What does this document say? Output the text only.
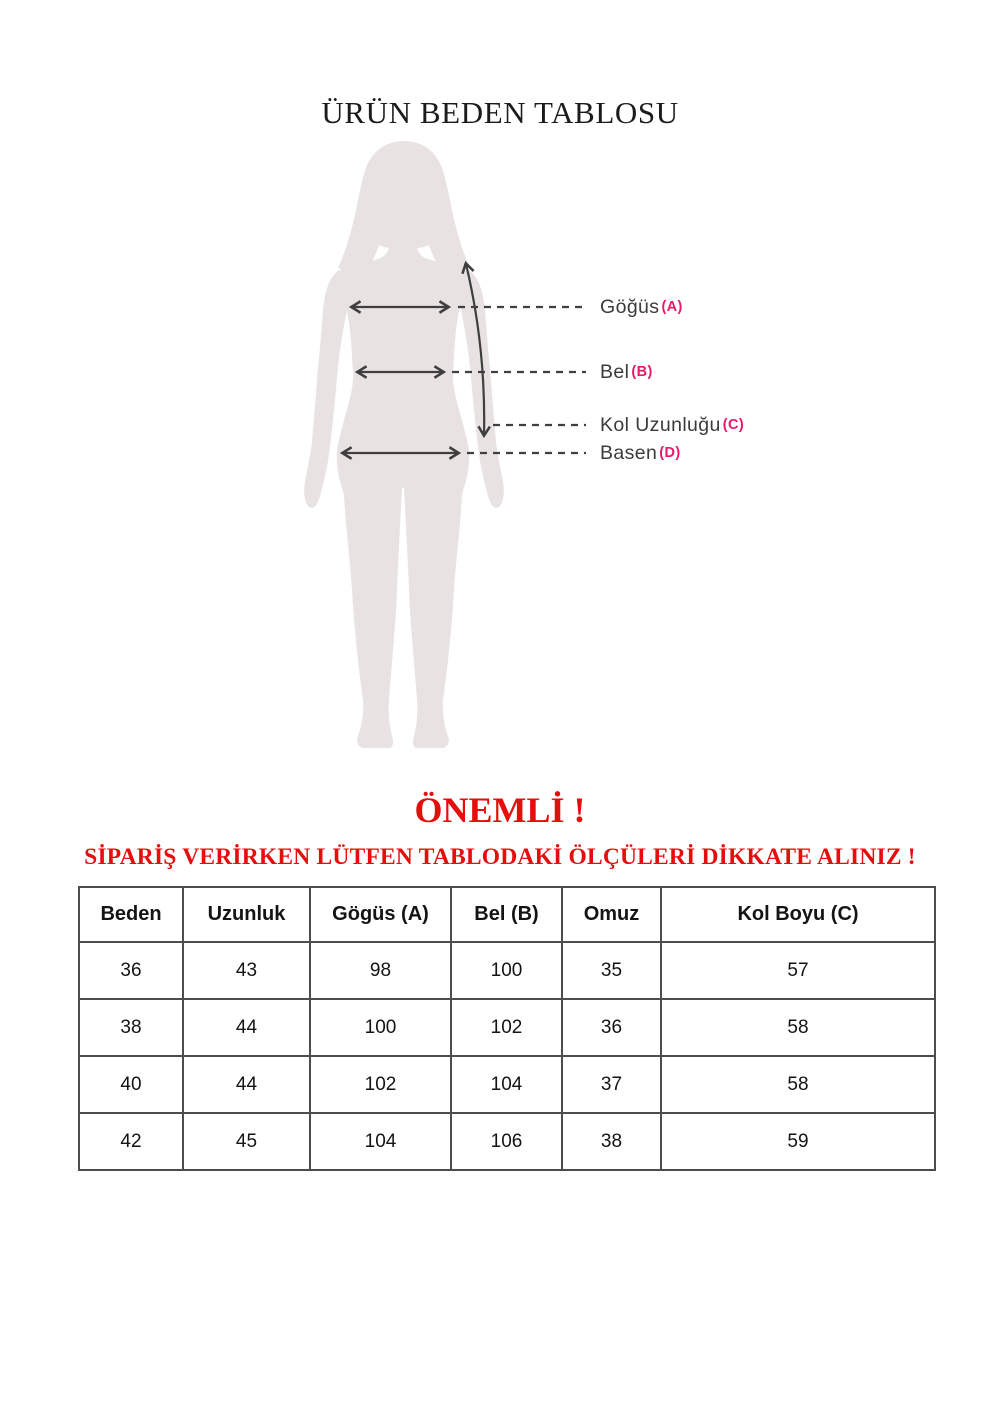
ÜRÜN BEDEN TABLOSU
Göğüs (A)
Bel (B)
Kol Uzunluğu (C)
Basen (D)
ÖNEMLİ !
SİPARİŞ VERİRKEN LÜTFEN TABLODAKİ ÖLÇÜLERİ DİKKATE ALINIZ !
Beden	Uzunluk	Gögüs (A)	Bel (B)	Omuz	Kol Boyu (C)
36	43	98	100	35	57
38	44	100	102	36	58
40	44	102	104	37	58
42	45	104	106	38	59
